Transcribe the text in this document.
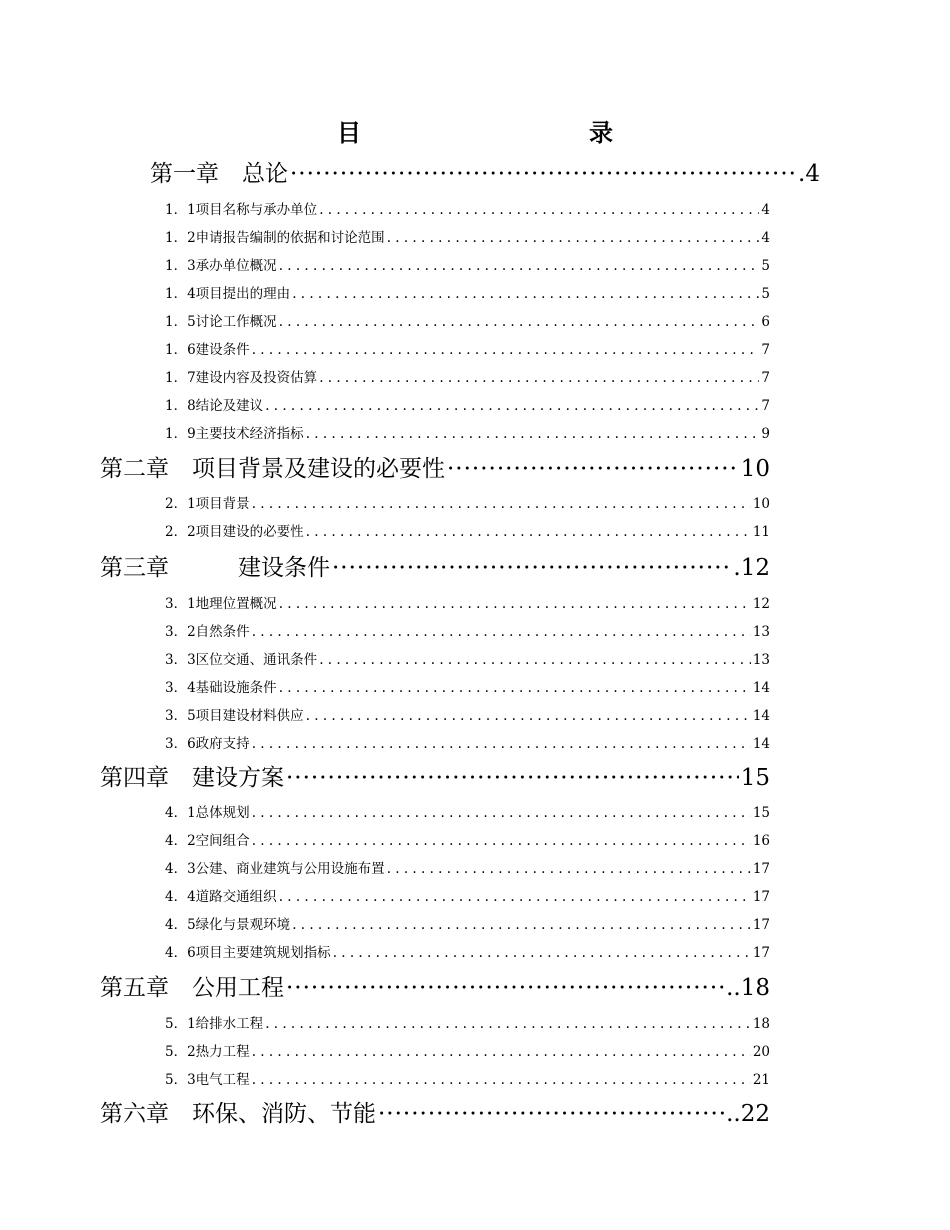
目　　录
第一章　总论 ·····	.4
1．1项目名称与承办单位 . . .	4
1．2申请报告编制的依据和讨论范围 . . .	4
1．3承办单位概况 . . .	5
1．4项目提出的理由 . . .	5
1．5讨论工作概况 . . .	6
1．6建设条件 . . .	7
1．7建设内容及投资估算 . . .	7
1．8结论及建议 . . .	7
1．9主要技术经济指标 . . .	9
第二章　项目背景及建设的必要性 ·····	10
2．1项目背景 . . .	10
2．2项目建设的必要性 . . .	11
第三章　　　建设条件 ·····	.12
3．1地理位置概况 . . .	12
3．2自然条件 . . .	13
3．3区位交通、通讯条件 . . .	13
3．4基础设施条件 . . .	14
3．5项目建设材料供应 . . .	14
3．6政府支持 . . .	14
第四章　建设方案 ·····	15
4．1总体规划 . . .	15
4．2空间组合 . . .	16
4．3公建、商业建筑与公用设施布置 . . .	17
4．4道路交通组织 . . .	17
4．5绿化与景观环境 . . .	17
4．6项目主要建筑规划指标 . . .	17
第五章　公用工程 ·····	..18
5．1给排水工程 . . .	18
5．2热力工程 . . .	20
5．3电气工程 . . .	21
第六章　环保、消防、节能 ·····	..22
